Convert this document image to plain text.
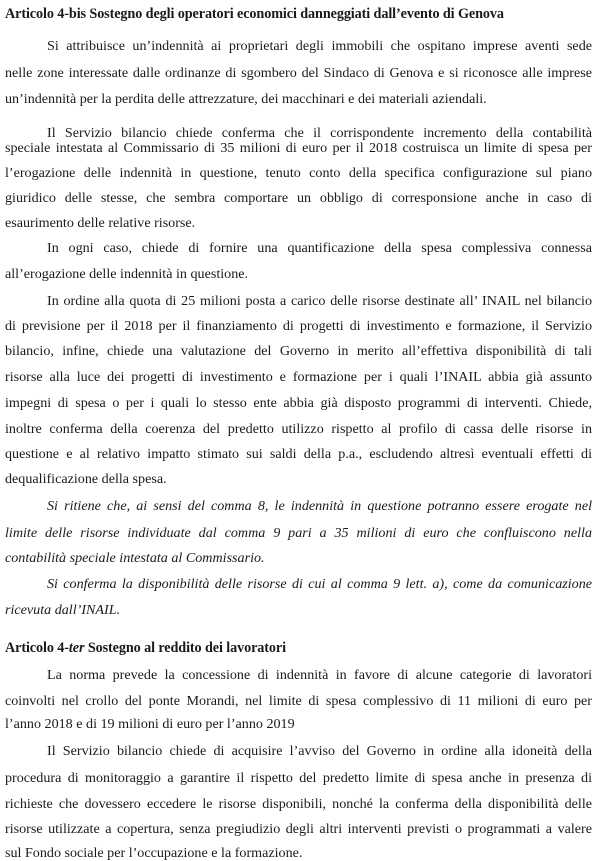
Articolo 4-bis Sostegno degli operatori economici danneggiati dall’evento di Genova

Si attribuisce un’indennità ai proprietari degli immobili che ospitano imprese aventi sede

nelle zone interessate dalle ordinanze di sgombero del Sindaco di Genova e si riconosce alle imprese

un’indennità per la perdita delle attrezzature, dei macchinari e dei materiali aziendali.

Il Servizio bilancio chiede conferma che il corrispondente incremento della contabilità

speciale intestata al Commissario di 35 milioni di euro per il 2018 costruisca un limite di spesa per

l’erogazione delle indennità in questione, tenuto conto della specifica configurazione sul piano

giuridico delle stesse, che sembra comportare un obbligo di corresponsione anche in caso di

esaurimento delle relative risorse.

In ogni caso, chiede di fornire una quantificazione della spesa complessiva connessa

all’erogazione delle indennità in questione.

In ordine alla quota di 25 milioni posta a carico delle risorse destinate all’ INAIL nel bilancio

di previsione per il 2018 per il finanziamento di progetti di investimento e formazione, il Servizio

bilancio, infine, chiede una valutazione del Governo in merito all’effettiva disponibilità di tali

risorse alla luce dei progetti di investimento e formazione per i quali l’INAIL abbia già assunto

impegni di spesa o per i quali lo stesso ente abbia già disposto programmi di interventi. Chiede,

inoltre conferma della coerenza del predetto utilizzo rispetto al profilo di cassa delle risorse in

questione e al relativo impatto stimato sui saldi della p.a., escludendo altresì eventuali effetti di

dequalificazione della spesa.

Si ritiene che, ai sensi del comma 8, le indennità in questione potranno essere erogate nel

limite delle risorse individuate dal comma 9 pari a 35 milioni di euro che confluiscono nella

contabilità speciale intestata al Commissario.

Si conferma la disponibilità delle risorse di cui al comma 9 lett. a), come da comunicazione

ricevuta dall’INAIL.

Articolo 4-ter Sostegno al reddito dei lavoratori

La norma prevede la concessione di indennità in favore di alcune categorie di lavoratori

coinvolti nel crollo del ponte Morandi, nel limite di spesa complessivo di 11 milioni di euro per

l’anno 2018 e di 19 milioni di euro per l’anno 2019

Il Servizio bilancio chiede di acquisire l’avviso del Governo in ordine alla idoneità della

procedura di monitoraggio a garantire il rispetto del predetto limite di spesa anche in presenza di

richieste che dovessero eccedere le risorse disponibili, nonché la conferma della disponibilità delle

risorse utilizzate a copertura, senza pregiudizio degli altri interventi previsti o programmati a valere

sul Fondo sociale per l’occupazione e la formazione.
